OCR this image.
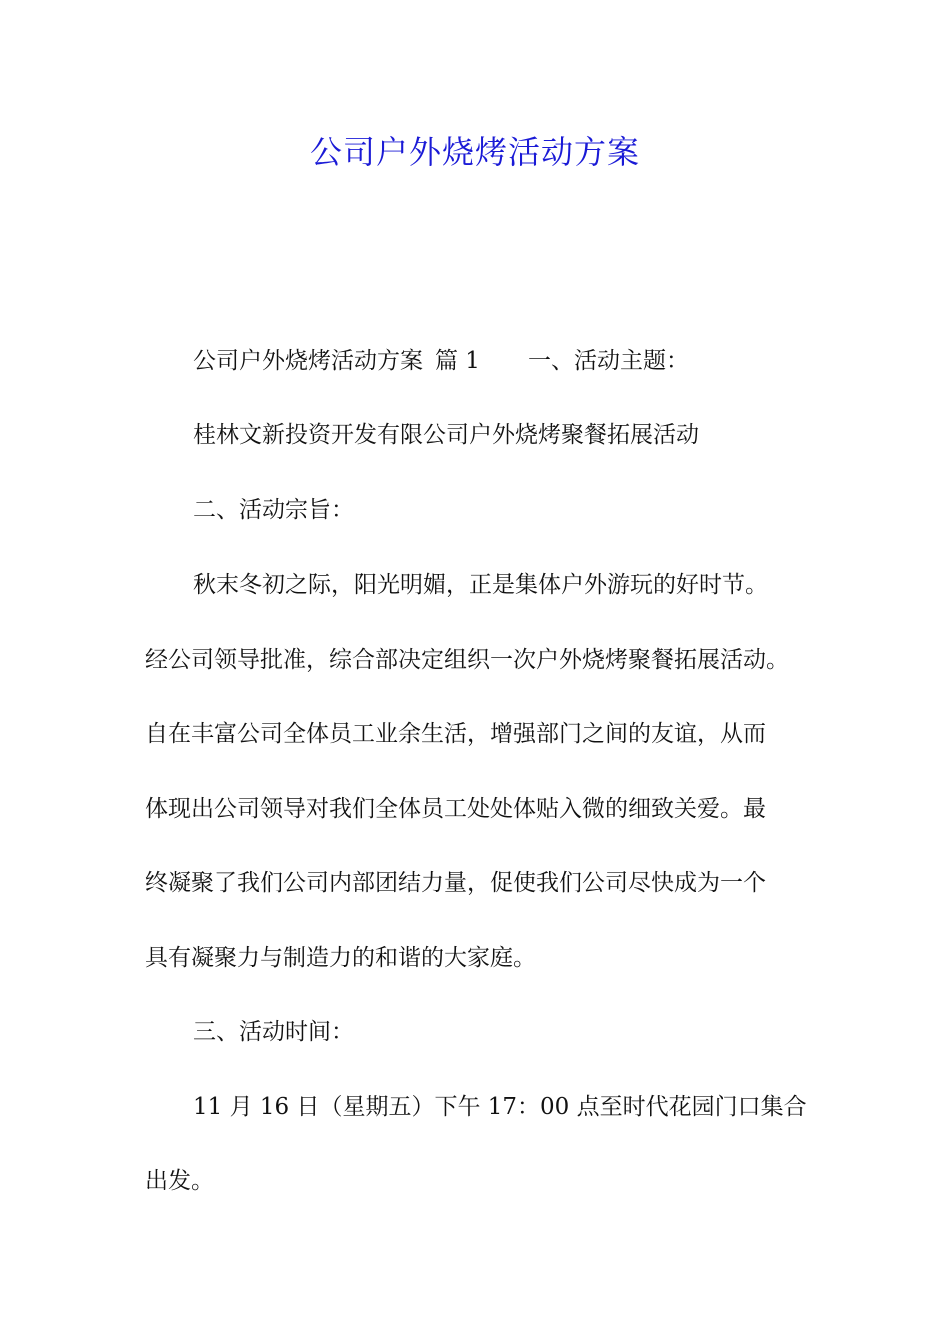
公司户外烧烤活动方案
公司户外烧烤活动方案 篇 1 一、活动主题：
桂林文新投资开发有限公司户外烧烤聚餐拓展活动
二、活动宗旨：
秋末冬初之际，阳光明媚，正是集体户外游玩的好时节。
经公司领导批准，综合部决定组织一次户外烧烤聚餐拓展活动。
自在丰富公司全体员工业余生活，增强部门之间的友谊，从而
体现出公司领导对我们全体员工处处体贴入微的细致关爱。最
终凝聚了我们公司内部团结力量，促使我们公司尽快成为一个
具有凝聚力与制造力的和谐的大家庭。
三、活动时间：
11 月 16 日（星期五）下午 17：00 点至时代花园门口集合
出发。
